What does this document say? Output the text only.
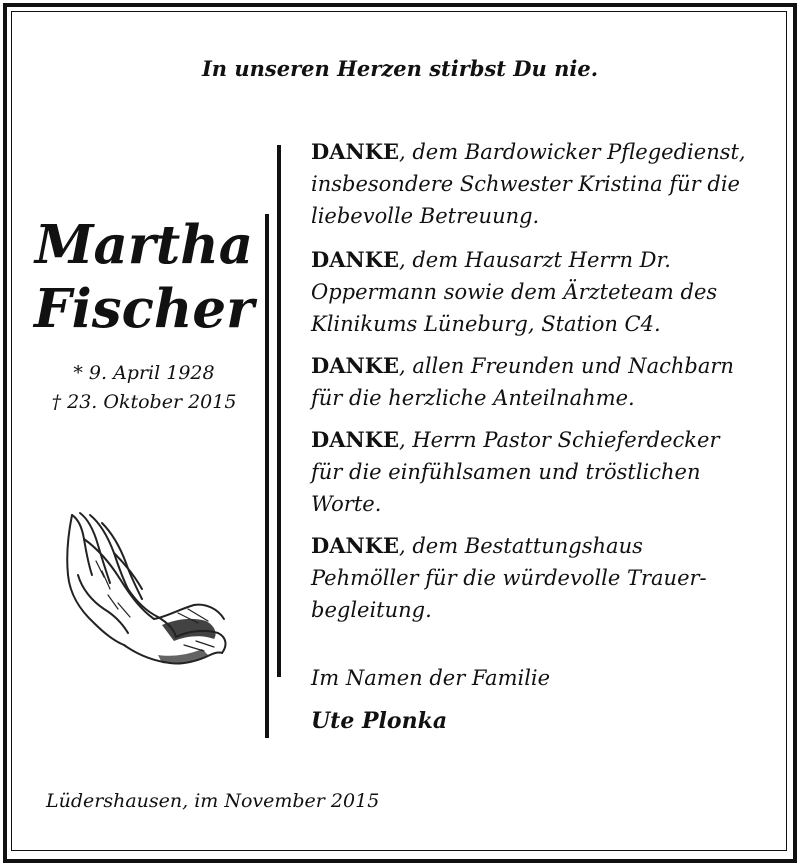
In unseren Herzen stirbst Du nie.
Martha
Fischer
* 9. April 1928
† 23. Oktober 2015
DANKE, dem Bardowicker Pflegedienst,
insbesondere Schwester Kristina für die
liebevolle Betreuung.
DANKE, dem Hausarzt Herrn Dr.
Oppermann sowie dem Ärzteteam des
Klinikums Lüneburg, Station C4.
DANKE, allen Freunden und Nachbarn
für die herzliche Anteilnahme.
DANKE, Herrn Pastor Schieferdecker
für die einfühlsamen und tröstlichen
Worte.
DANKE, dem Bestattungshaus
Pehmöller für die würdevolle Trauer-
begleitung.
Im Namen der Familie
Ute Plonka
Lüdershausen, im November 2015
